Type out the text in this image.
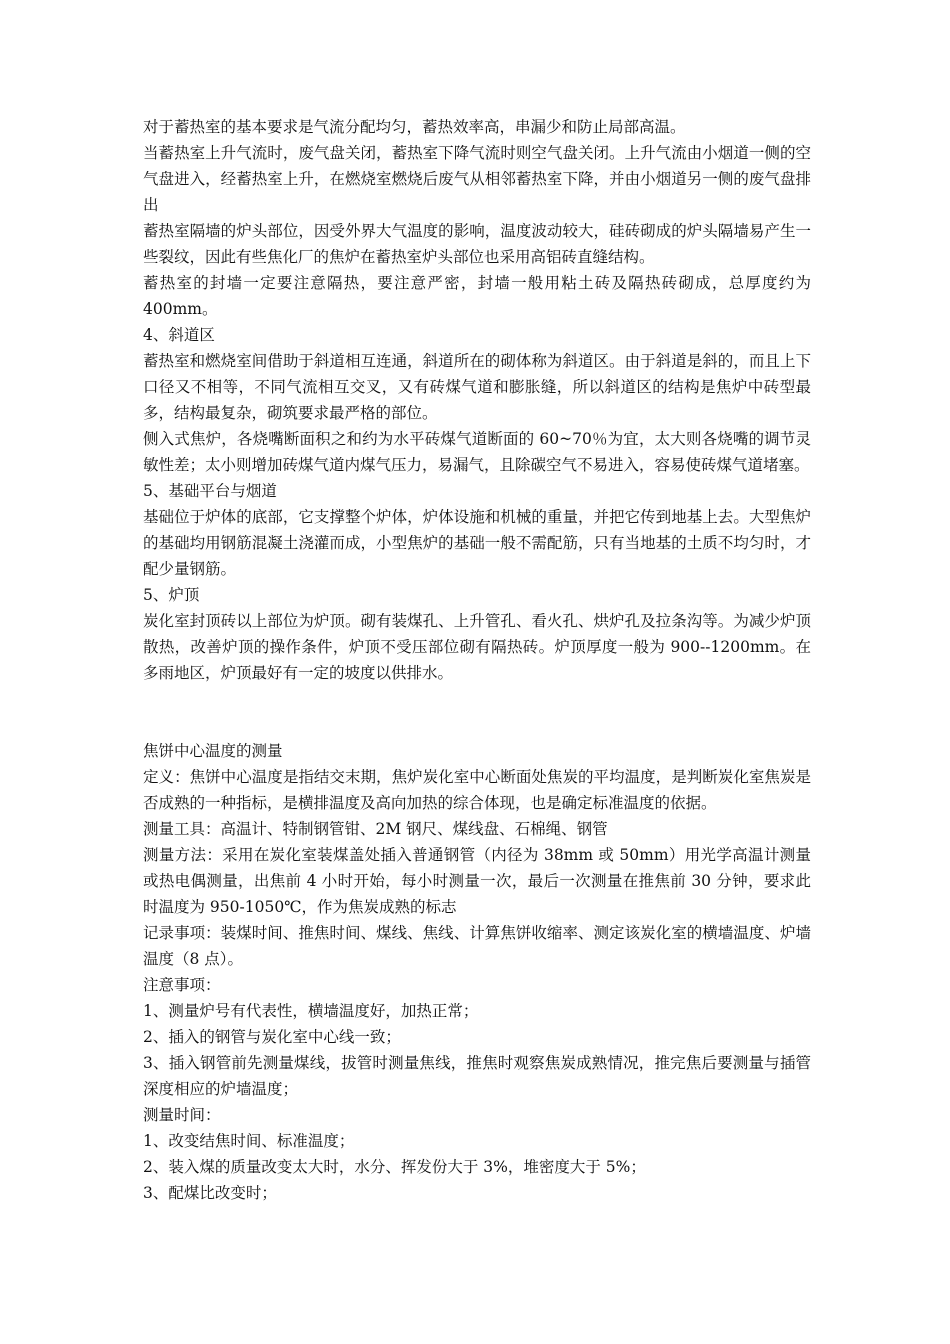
对于蓄热室的基本要求是气流分配均匀，蓄热效率高，串漏少和防止局部高温。

当蓄热室上升气流时，废气盘关闭，蓄热室下降气流时则空气盘关闭。上升气流由小烟道一侧的空气盘进入，经蓄热室上升，在燃烧室燃烧后废气从相邻蓄热室下降，并由小烟道另一侧的废气盘排出

蓄热室隔墙的炉头部位，因受外界大气温度的影响，温度波动较大，硅砖砌成的炉头隔墙易产生一些裂纹，因此有些焦化厂的焦炉在蓄热室炉头部位也采用高铝砖直缝结构。

蓄热室的封墙一定要注意隔热，要注意严密，封墙一般用粘土砖及隔热砖砌成，总厚度约为400mm。

4、斜道区

蓄热室和燃烧室间借助于斜道相互连通，斜道所在的砌体称为斜道区。由于斜道是斜的，而且上下口径又不相等，不同气流相互交叉，又有砖煤气道和膨胀缝，所以斜道区的结构是焦炉中砖型最多，结构最复杂，砌筑要求最严格的部位。

侧入式焦炉，各烧嘴断面积之和约为水平砖煤气道断面的 60~70％为宜，太大则各烧嘴的调节灵敏性差；太小则增加砖煤气道内煤气压力，易漏气，且除碳空气不易进入，容易使砖煤气道堵塞。

5、基础平台与烟道

基础位于炉体的底部，它支撑整个炉体，炉体设施和机械的重量，并把它传到地基上去。大型焦炉的基础均用钢筋混凝土浇灌而成，小型焦炉的基础一般不需配筋，只有当地基的土质不均匀时，才配少量钢筋。

5、炉顶

炭化室封顶砖以上部位为炉顶。砌有装煤孔、上升管孔、看火孔、烘炉孔及拉条沟等。为减少炉顶散热，改善炉顶的操作条件，炉顶不受压部位砌有隔热砖。炉顶厚度一般为 900--1200mm。在多雨地区，炉顶最好有一定的坡度以供排水。

焦饼中心温度的测量

定义：焦饼中心温度是指结交末期，焦炉炭化室中心断面处焦炭的平均温度，是判断炭化室焦炭是否成熟的一种指标，是横排温度及高向加热的综合体现，也是确定标准温度的依据。

测量工具：高温计、特制钢管钳、2M 钢尺、煤线盘、石棉绳、钢管

测量方法：采用在炭化室装煤盖处插入普通钢管（内径为 38mm 或 50mm）用光学高温计测量或热电偶测量，出焦前 4 小时开始，每小时测量一次，最后一次测量在推焦前 30 分钟，要求此时温度为 950-1050℃，作为焦炭成熟的标志

记录事项：装煤时间、推焦时间、煤线、焦线、计算焦饼收缩率、测定该炭化室的横墙温度、炉墙温度（8 点）。

注意事项：

1、测量炉号有代表性，横墙温度好，加热正常；

2、插入的钢管与炭化室中心线一致；

3、插入钢管前先测量煤线，拔管时测量焦线，推焦时观察焦炭成熟情况，推完焦后要测量与插管深度相应的炉墙温度；

测量时间：

1、改变结焦时间、标准温度；

2、装入煤的质量改变太大时，水分、挥发份大于 3%，堆密度大于 5%；

3、配煤比改变时；
